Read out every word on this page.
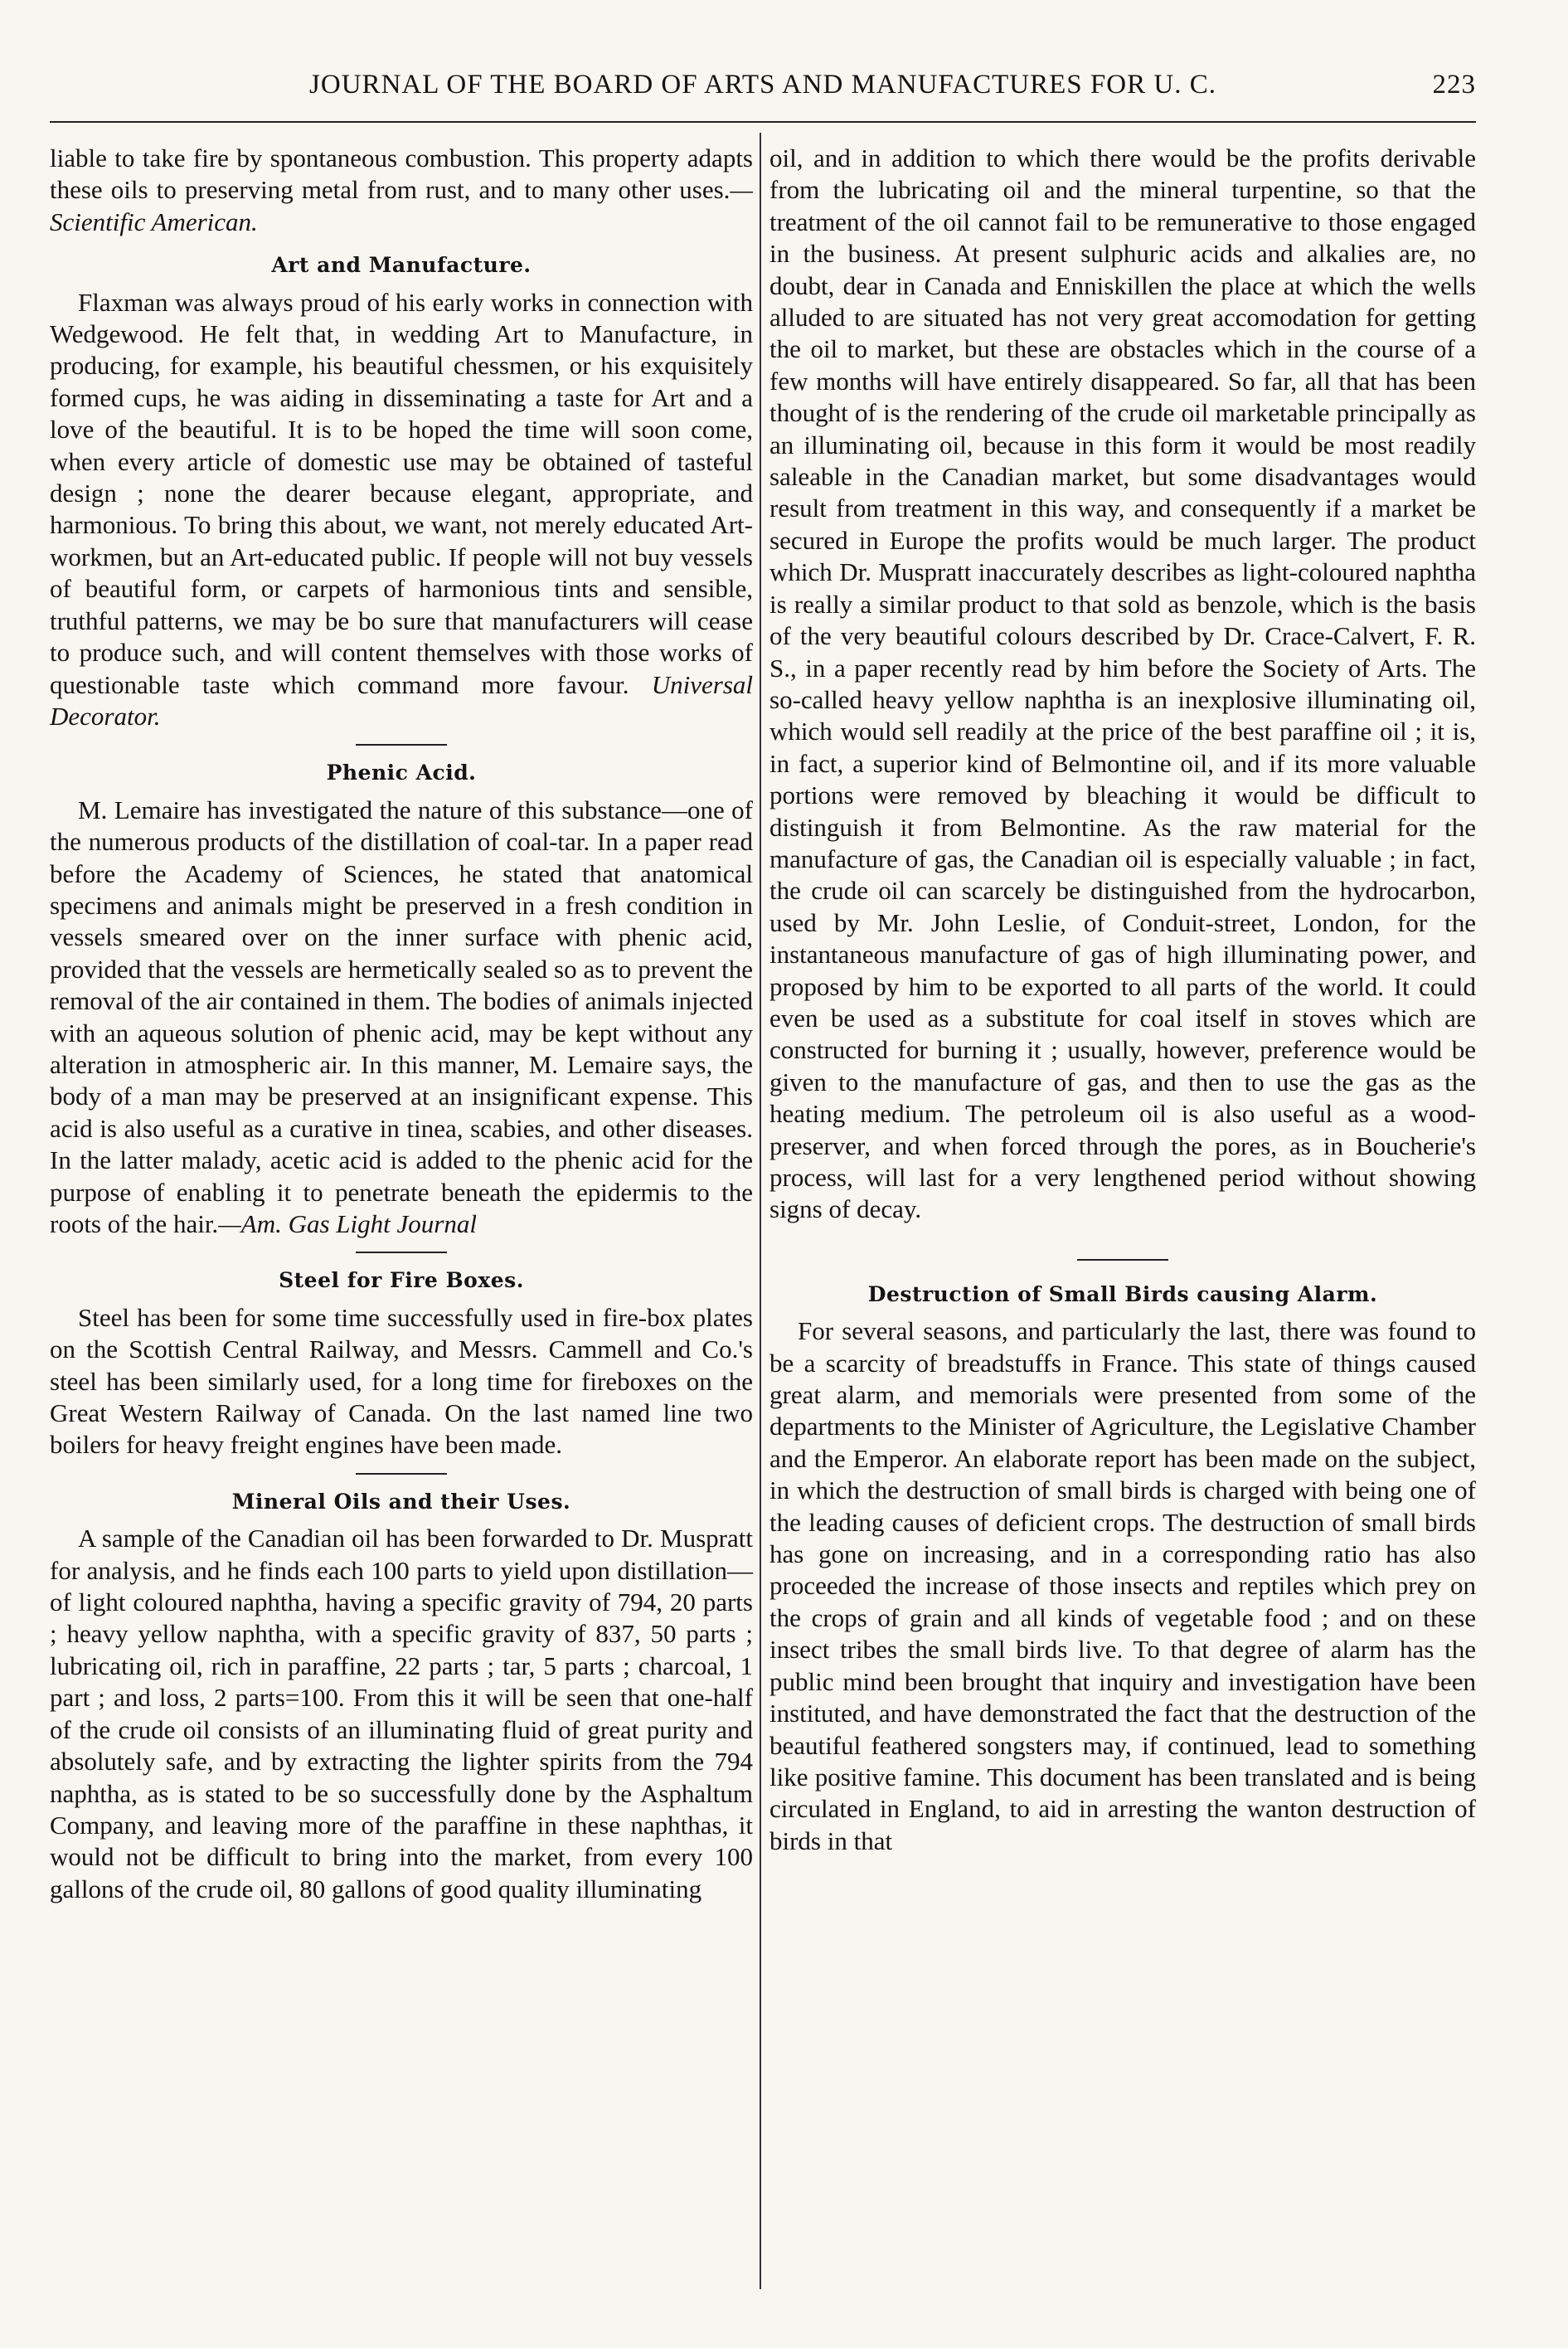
JOURNAL OF THE BOARD OF ARTS AND MANUFACTURES FOR U. C.	223

liable to take fire by spontaneous combustion. This property adapts these oils to preserving metal from rust, and to many other uses.—Scientific American.

Art and Manufacture.

Flaxman was always proud of his early works in connection with Wedgewood. He felt that, in wedding Art to Manufacture, in producing, for example, his beautiful chessmen, or his exquisitely formed cups, he was aiding in disseminating a taste for Art and a love of the beautiful. It is to be hoped the time will soon come, when every article of domestic use may be obtained of tasteful design ; none the dearer because elegant, appropriate, and harmonious. To bring this about, we want, not merely educated Art-workmen, but an Art-educated public. If people will not buy vessels of beautiful form, or carpets of harmonious tints and sensible, truthful patterns, we may be bo sure that manufacturers will cease to produce such, and will content themselves with those works of questionable taste which command more favour. Universal Decorator.

Phenic Acid.

M. Lemaire has investigated the nature of this substance—one of the numerous products of the distillation of coal-tar. In a paper read before the Academy of Sciences, he stated that anatomical specimens and animals might be preserved in a fresh condition in vessels smeared over on the inner surface with phenic acid, provided that the vessels are hermetically sealed so as to prevent the removal of the air contained in them. The bodies of animals injected with an aqueous solution of phenic acid, may be kept without any alteration in atmospheric air. In this manner, M. Lemaire says, the body of a man may be preserved at an insignificant expense. This acid is also useful as a curative in tinea, scabies, and other diseases. In the latter malady, acetic acid is added to the phenic acid for the purpose of enabling it to penetrate beneath the epidermis to the roots of the hair.—Am. Gas Light Journal

Steel for Fire Boxes.

Steel has been for some time successfully used in fire-box plates on the Scottish Central Railway, and Messrs. Cammell and Co.'s steel has been similarly used, for a long time for fireboxes on the Great Western Railway of Canada. On the last named line two boilers for heavy freight engines have been made.

Mineral Oils and their Uses.

A sample of the Canadian oil has been forwarded to Dr. Muspratt for analysis, and he finds each 100 parts to yield upon distillation—of light coloured naphtha, having a specific gravity of 794, 20 parts ; heavy yellow naphtha, with a specific gravity of 837, 50 parts ; lubricating oil, rich in paraffine, 22 parts ; tar, 5 parts ; charcoal, 1 part ; and loss, 2 parts=100. From this it will be seen that one-half of the crude oil consists of an illuminating fluid of great purity and absolutely safe, and by extracting the lighter spirits from the 794 naphtha, as is stated to be so successfully done by the Asphaltum Company, and leaving more of the paraffine in these naphthas, it would not be difficult to bring into the market, from every 100 gallons of the crude oil, 80 gallons of good quality illuminating

oil, and in addition to which there would be the profits derivable from the lubricating oil and the mineral turpentine, so that the treatment of the oil cannot fail to be remunerative to those engaged in the business. At present sulphuric acids and alkalies are, no doubt, dear in Canada and Enniskillen the place at which the wells alluded to are situated has not very great accomodation for getting the oil to market, but these are obstacles which in the course of a few months will have entirely disappeared. So far, all that has been thought of is the rendering of the crude oil marketable principally as an illuminating oil, because in this form it would be most readily saleable in the Canadian market, but some disadvantages would result from treatment in this way, and consequently if a market be secured in Europe the profits would be much larger. The product which Dr. Muspratt inaccurately describes as light-coloured naphtha is really a similar product to that sold as benzole, which is the basis of the very beautiful colours described by Dr. Crace-Calvert, F. R. S., in a paper recently read by him before the Society of Arts. The so-called heavy yellow naphtha is an inexplosive illuminating oil, which would sell readily at the price of the best paraffine oil ; it is, in fact, a superior kind of Belmontine oil, and if its more valuable portions were removed by bleaching it would be difficult to distinguish it from Belmontine. As the raw material for the manufacture of gas, the Canadian oil is especially valuable ; in fact, the crude oil can scarcely be distinguished from the hydrocarbon, used by Mr. John Leslie, of Conduit-street, London, for the instantaneous manufacture of gas of high illuminating power, and proposed by him to be exported to all parts of the world. It could even be used as a substitute for coal itself in stoves which are constructed for burning it ; usually, however, preference would be given to the manufacture of gas, and then to use the gas as the heating medium. The petroleum oil is also useful as a wood-preserver, and when forced through the pores, as in Boucherie's process, will last for a very lengthened period without showing signs of decay.

Destruction of Small Birds causing Alarm.

For several seasons, and particularly the last, there was found to be a scarcity of breadstuffs in France. This state of things caused great alarm, and memorials were presented from some of the departments to the Minister of Agriculture, the Legislative Chamber and the Emperor. An elaborate report has been made on the subject, in which the destruction of small birds is charged with being one of the leading causes of deficient crops. The destruction of small birds has gone on increasing, and in a corresponding ratio has also proceeded the increase of those insects and reptiles which prey on the crops of grain and all kinds of vegetable food ; and on these insect tribes the small birds live. To that degree of alarm has the public mind been brought that inquiry and investigation have been instituted, and have demonstrated the fact that the destruction of the beautiful feathered songsters may, if continued, lead to something like positive famine. This document has been translated and is being circulated in England, to aid in arresting the wanton destruction of birds in that
